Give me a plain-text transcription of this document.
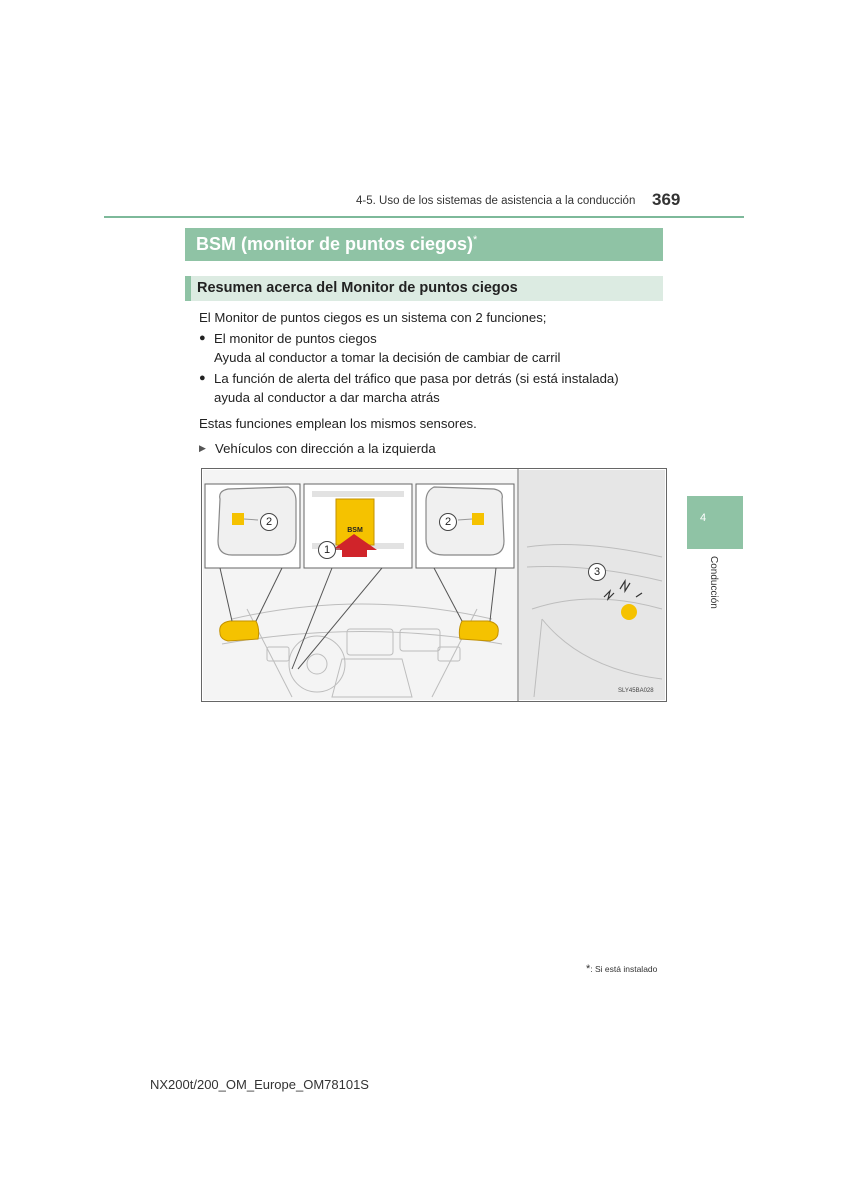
4-5. Uso de los sistemas de asistencia a la conducción 369
BSM (monitor de puntos ciegos)*
Resumen acerca del Monitor de puntos ciegos
El Monitor de puntos ciegos es un sistema con 2 funciones;
● El monitor de puntos ciegos
Ayuda al conductor a tomar la decisión de cambiar de carril
● La función de alerta del tráfico que pasa por detrás (si está instalada)
ayuda al conductor a dar marcha atrás
Estas funciones emplean los mismos sensores.
▶ Vehículos con dirección a la izquierda
2
1
2
3
BSM
SLY45BA028
4
Conducción
*: Si está instalado
NX200t/200_OM_Europe_OM78101S
